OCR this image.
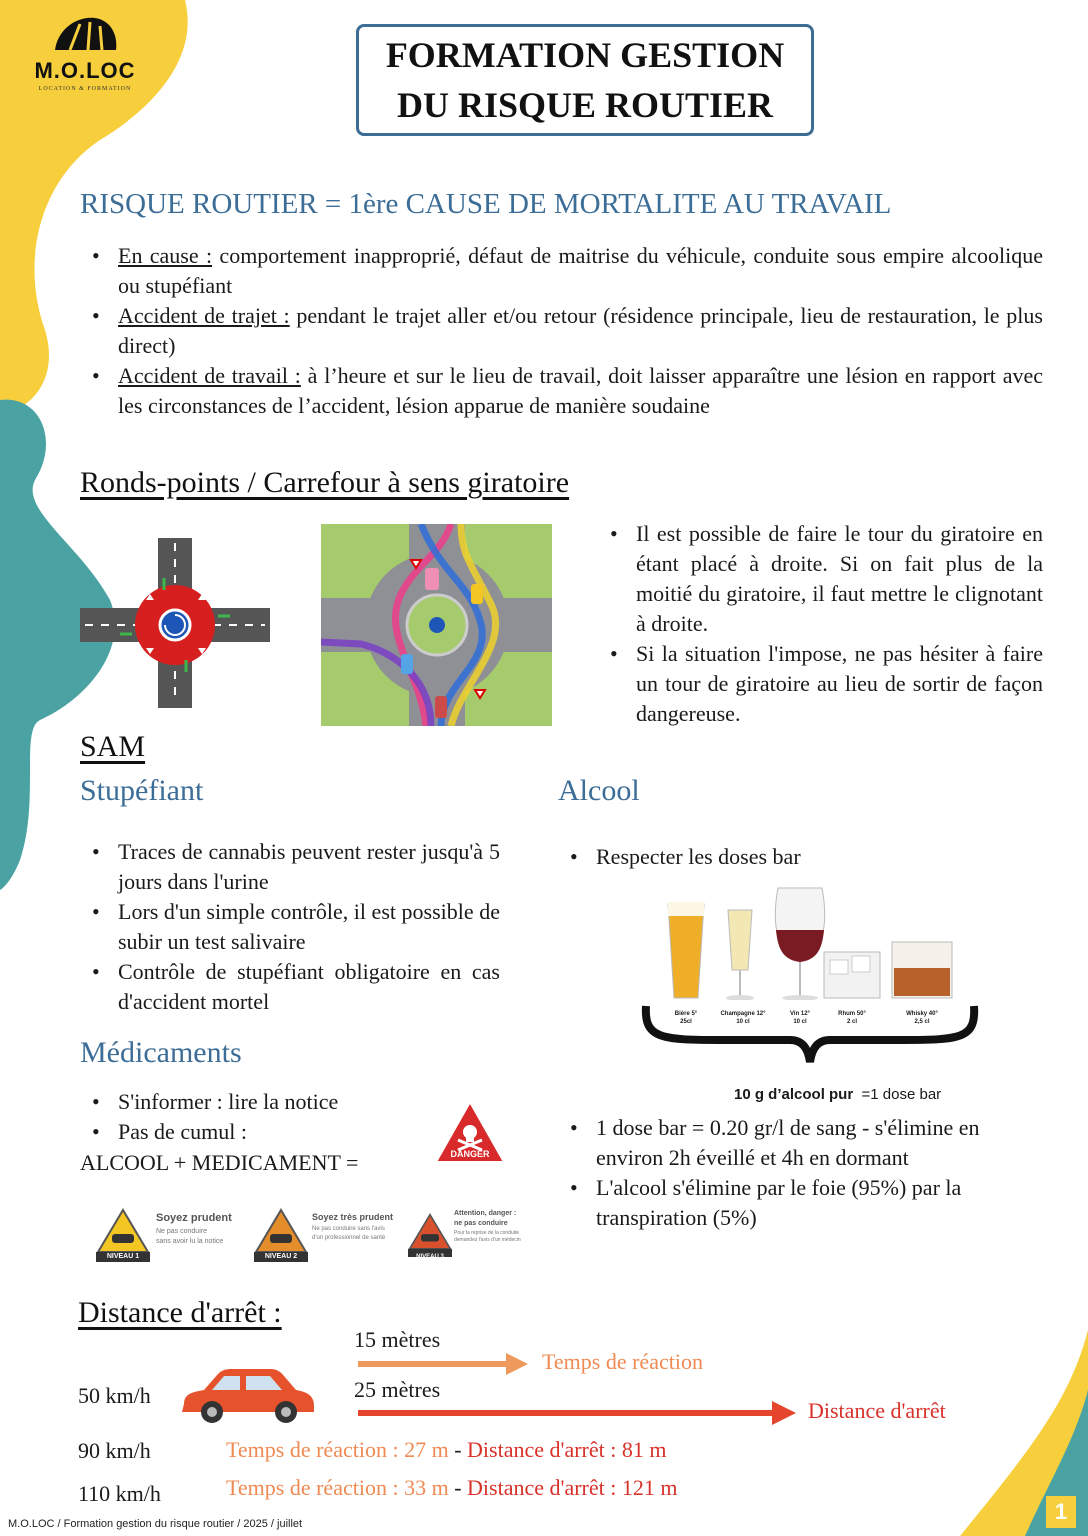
M.O.LOC
LOCATION & FORMATION
FORMATION GESTION DU RISQUE ROUTIER
RISQUE ROUTIER = 1ère CAUSE DE MORTALITE AU TRAVAIL
• En cause : comportement inapproprié, défaut de maitrise du véhicule, conduite sous empire alcoolique ou stupéfiant
• Accident de trajet : pendant le trajet aller et/ou retour (résidence principale, lieu de restauration, le plus direct)
• Accident de travail : à l’heure et sur le lieu de travail, doit laisser apparaître une lésion en rapport avec les circonstances de l’accident, lésion apparue de manière soudaine
Ronds-points / Carrefour à sens giratoire
• Il est possible de faire le tour du giratoire en étant placé à droite. Si on fait plus de la moitié du giratoire, il faut mettre le clignotant à droite.
• Si la situation l'impose, ne pas hésiter à faire un tour de giratoire au lieu de sortir de façon dangereuse.
SAM
Stupéfiant
• Traces de cannabis peuvent rester jusqu'à 5 jours dans l'urine
• Lors d'un simple contrôle, il est possible de subir un test salivaire
• Contrôle de stupéfiant obligatoire en cas d'accident mortel
Médicaments
• S'informer : lire la notice
• Pas de cumul :
ALCOOL + MEDICAMENT =	DANGER
NIVEAU 1
Soyez prudent
Ne pas conduire
sans avoir lu la notice
NIVEAU 2
Soyez très prudent
Ne pas conduire sans l'avis
d'un professionnel de santé
NIVEAU 3
Attention, danger :
ne pas conduire
Pour la reprise de la conduite demandez l'avis d'un médecin
Alcool
• Respecter les doses bar
Bière 5°
25cl
Champagne 12°
10 cl
Vin 12°
10 cl
Rhum 50°
2 cl
Whisky 40°
2,5 cl
10 g d’alcool pur =1 dose bar
• 1 dose bar = 0.20 gr/l de sang - s'élimine en environ 2h éveillé et 4h en dormant
• L'alcool s'élimine par le foie (95%) par la transpiration (5%)
Distance d'arrêt :
15 mètres
Temps de réaction
25 mètres
Distance d'arrêt
50 km/h
90 km/h	Temps de réaction : 27 m - Distance d'arrêt : 81 m
110 km/h	Temps de réaction : 33 m - Distance d'arrêt : 121 m
M.O.LOC / Formation gestion du risque routier / 2025 / juillet	1
